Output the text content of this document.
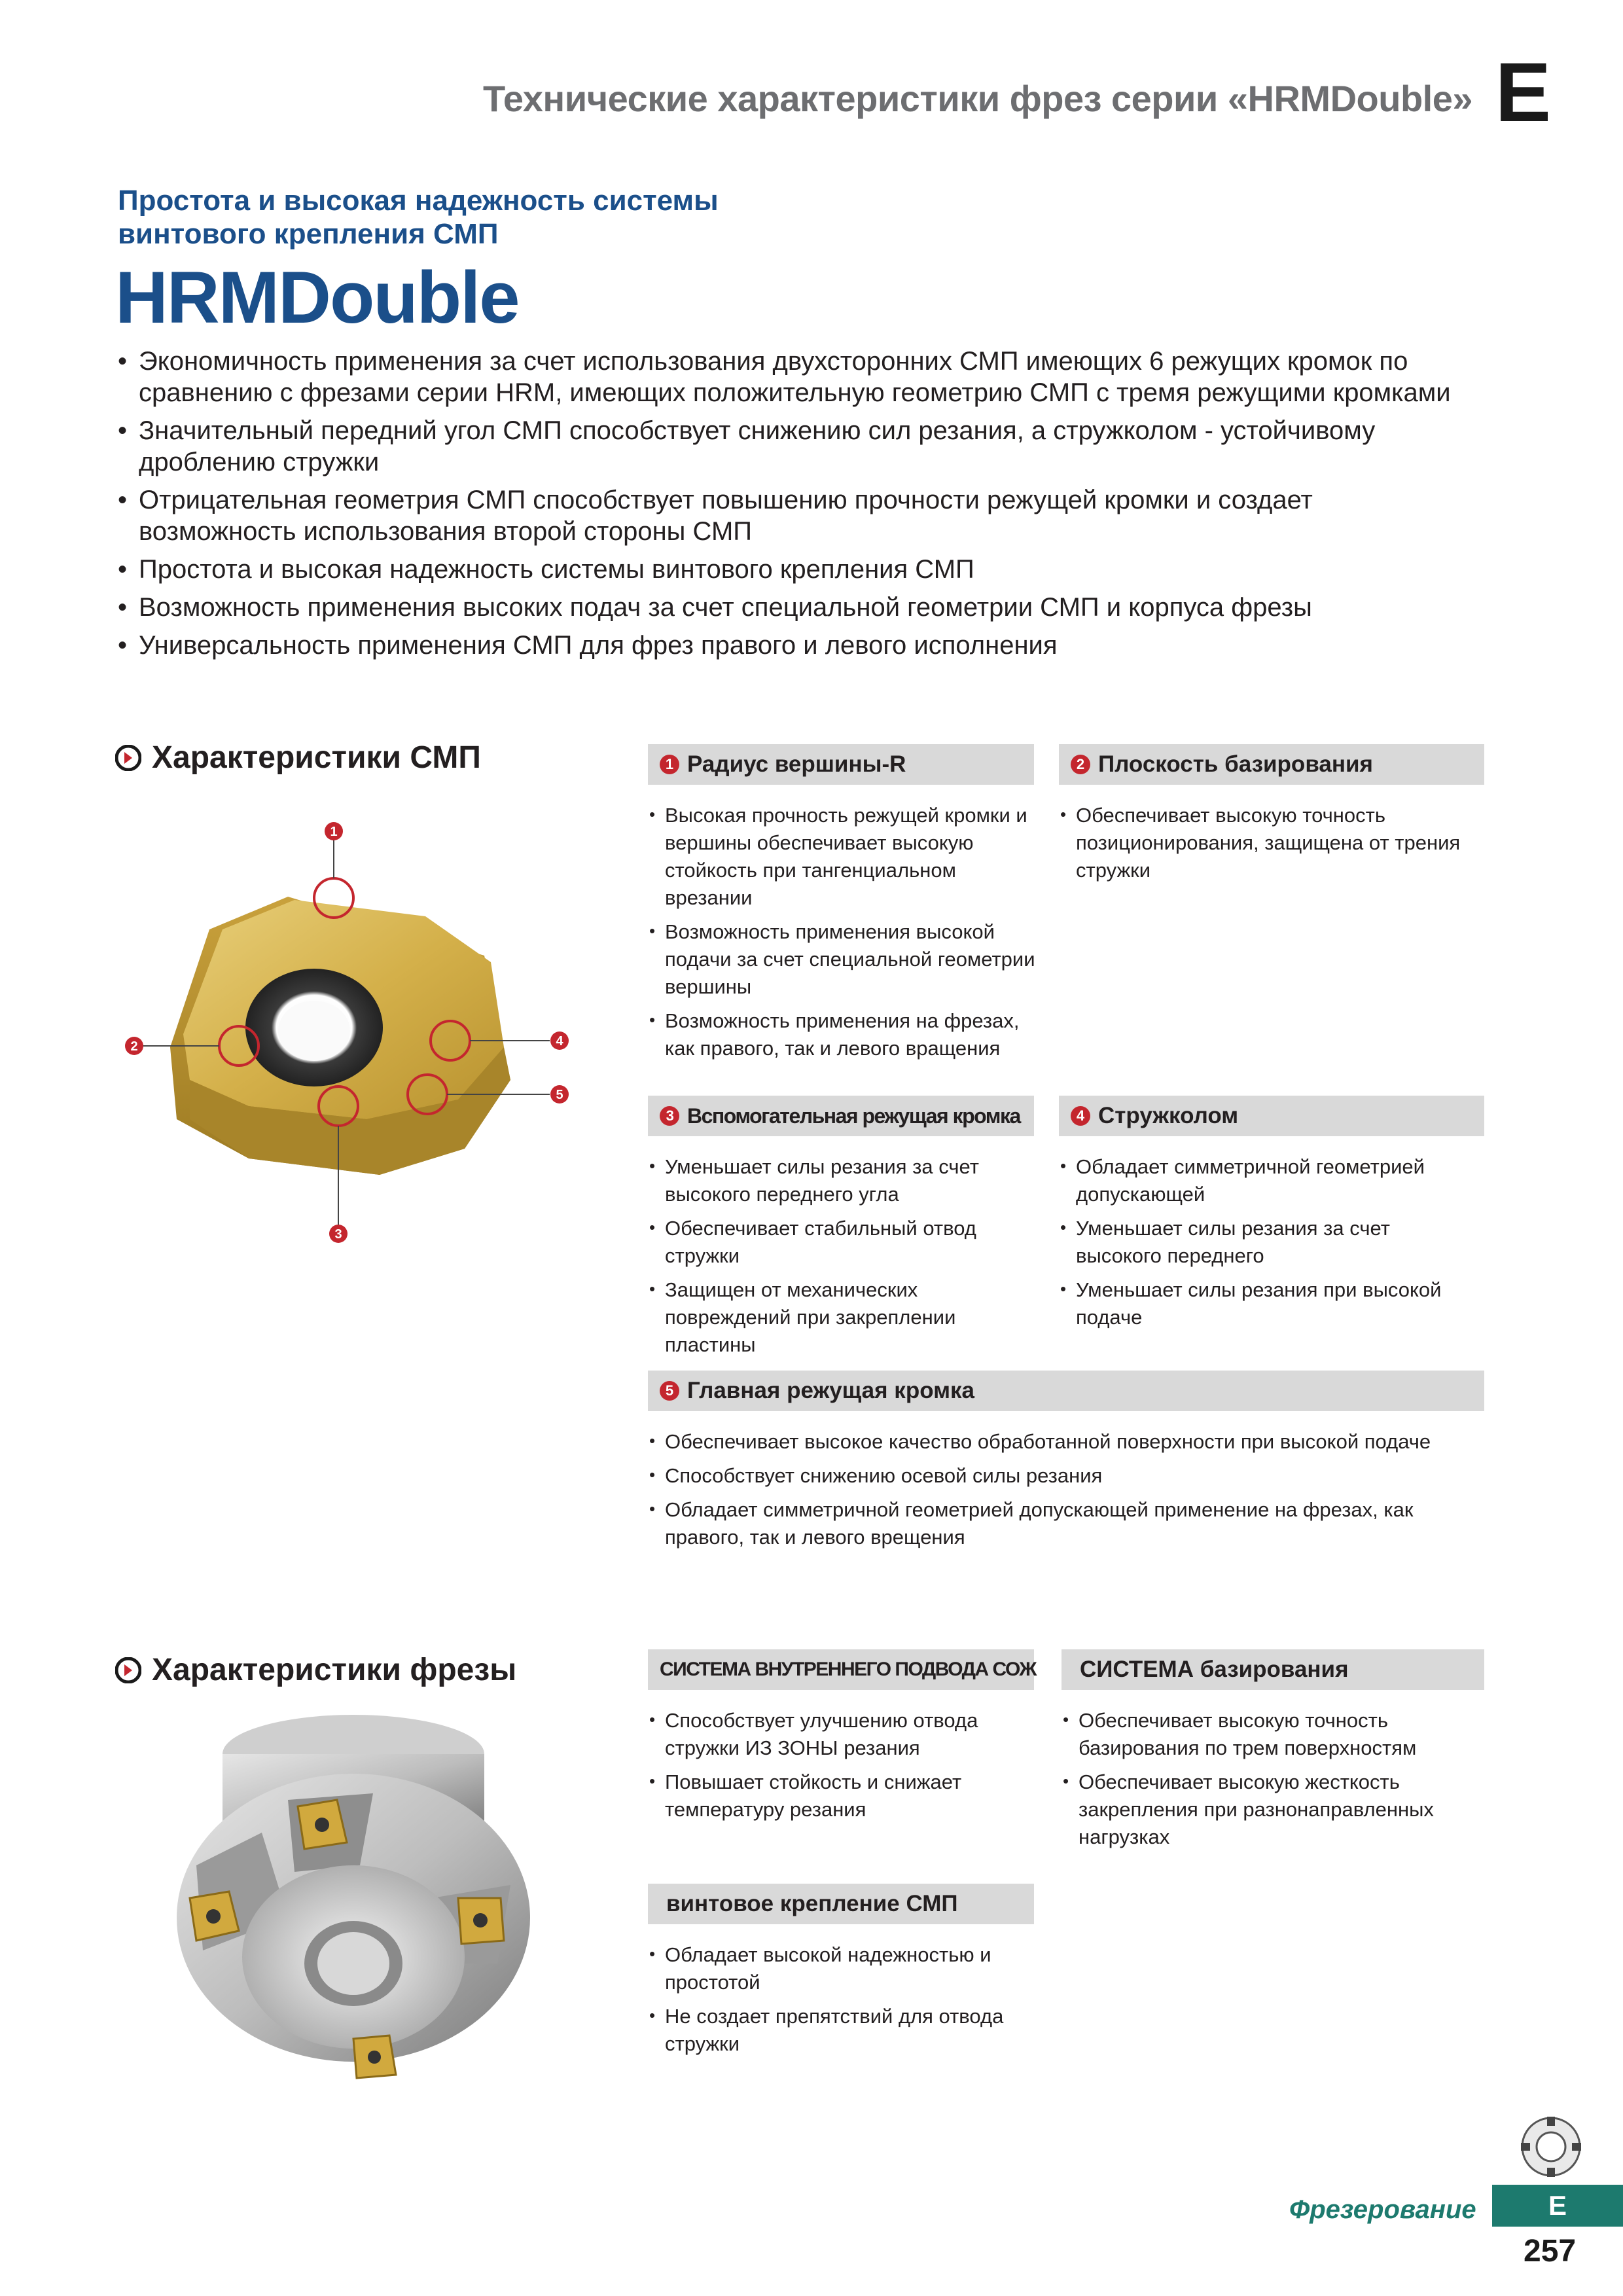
Технические характеристики фрез серии «HRMDouble» E
Простота и высокая надежность системы
винтового крепления СМП
HRMDouble
• Экономичность применения за счет использования двухсторонних СМП имеющих 6 режущих кромок по сравнению с фрезами серии HRM, имеющих положительную геометрию СМП с тремя режущими кромками
• Значительный передний угол СМП способствует снижению сил резания, а стружколом - устойчивому дроблению стружки
• Отрицательная геометрия СМП способствует повышению прочности режущей кромки и создает возможность использования второй стороны СМП
• Простота и высокая надежность системы винтового крепления СМП
• Возможность применения высоких подач за счет специальной геометрии СМП и корпуса фрезы
• Универсальность применения СМП для фрез правого и левого исполнения
Характеристики СМП
1
2	4
5
3
1 Радиус вершины-R
• Высокая прочность режущей кромки и вершины обеспечивает высокую стойкость при тангенциальном врезании
• Возможность применения высокой подачи за счет специальной геометрии вершины
• Возможность применения на фрезах, как правого, так и левого вращения
2 Плоскость базирования
• Обеспечивает высокую точность позиционирования, защищена от трения стружки
3 Вспомогательная режущая кромка
• Уменьшает силы резания за счет высокого переднего угла
• Обеспечивает стабильный отвод стружки
• Защищен от механических повреждений при закреплении пластины
4 Стружколом
• Обладает симметричной геометрией допускающей
• Уменьшает силы резания за счет высокого переднего
• Уменьшает силы резания при высокой подаче
5 Главная режущая кромка
• Обеспечивает высокое качество обработанной поверхности при высокой подаче
• Способствует снижению осевой силы резания
• Обладает симметричной геометрией допускающей применение на фрезах, как правого, так и левого врещения
Характеристики фрезы	СИСТЕМА ВНУТРЕННЕГО ПОДВОДА СОЖ
• Способствует улучшению отвода стружки ИЗ ЗОНЫ резания
• Повышает стойкость и снижает температуру резания
СИСТЕМА базирования
• Обеспечивает высокую точность базирования по трем поверхностям
• Обеспечивает высокую жесткость закрепления при разнонаправленных нагрузках
винтовое крепление СМП
• Обладает высокой надежностью и простотой
• Не создает препятствий для отвода стружки
Фрезерование	E
257
